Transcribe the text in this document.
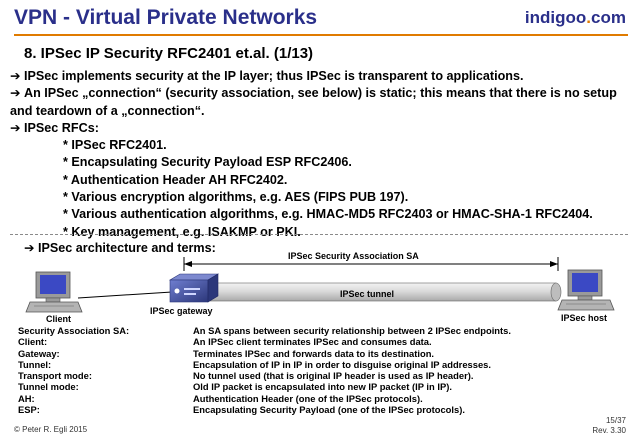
VPN - Virtual Private Networks	indigoo.com
8. IPSec IP Security RFC2401 et.al. (1/13)
➔ IPSec implements security at the IP layer; thus IPSec is transparent to applications.
➔ An IPSec „connection“ (security association, see below) is static; this means that there is no setup and teardown of a „connection“.
➔ IPSec RFCs:
* IPSec RFC2401.
* Encapsulating Security Payload ESP RFC2406.
* Authentication Header AH RFC2402.
* Various encryption algorithms, e.g. AES (FIPS PUB 197).
* Various authentication algorithms, e.g. HMAC-MD5 RFC2403 or HMAC-SHA-1 RFC2404.
* Key management, e.g. ISAKMP or PKI.
➔ IPSec architecture and terms:
IPSec Security Association SA
IPSec tunnel
Client
IPSec gateway
IPSec host
Security Association SA:	An SA spans between security relationship between 2 IPSec endpoints.
Client:	An IPSec client terminates IPSec and consumes data.
Gateway:	Terminates IPSec and forwards data to its destination.
Tunnel:	Encapsulation of IP in IP in order to disguise original IP addresses.
Transport mode:	No tunnel used (that is original IP header is used as IP header).
Tunnel mode:	Old IP packet is encapsulated into new IP packet (IP in IP).
AH:	Authentication Header (one of the IPSec protocols).
ESP:	Encapsulating Security Payload (one of the IPSec protocols).
© Peter R. Egli 2015
15/37
Rev. 3.30
